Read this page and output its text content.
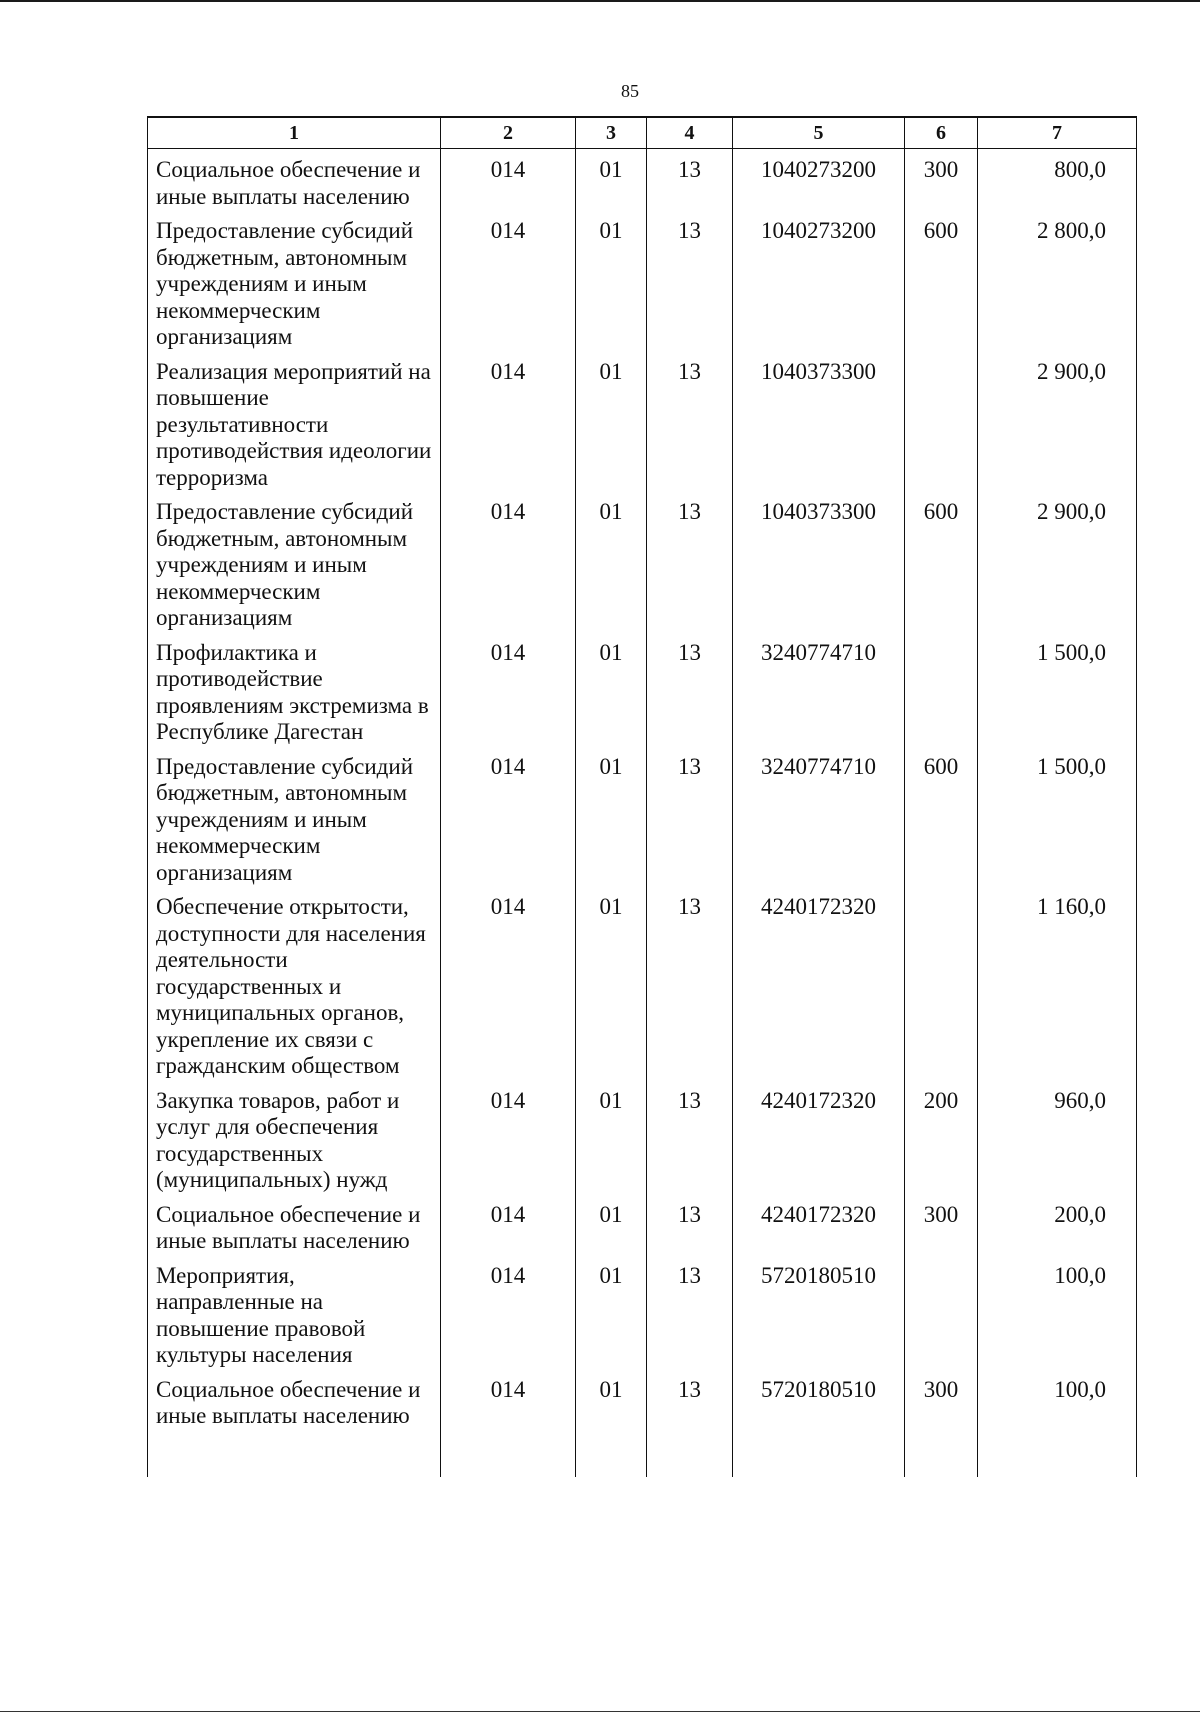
85
1	2	3	4	5	6	7
Социальное обеспечение и иные выплаты населению	014	01	13	1040273200	300	800,0
Предоставление субсидий бюджетным, автономным учреждениям и иным некоммерческим организациям	014	01	13	1040273200	600	2 800,0
Реализация мероприятий на повышение результативности противодействия идеологии терроризма	014	01	13	1040373300		2 900,0
Предоставление субсидий бюджетным, автономным учреждениям и иным некоммерческим организациям	014	01	13	1040373300	600	2 900,0
Профилактика и противодействие проявлениям экстремизма в Республике Дагестан	014	01	13	3240774710		1 500,0
Предоставление субсидий бюджетным, автономным учреждениям и иным некоммерческим организациям	014	01	13	3240774710	600	1 500,0
Обеспечение открытости, доступности для населения деятельности государственных и муниципальных органов, укрепление их связи с гражданским обществом	014	01	13	4240172320		1 160,0
Закупка товаров, работ и услуг для обеспечения государственных (муниципальных) нужд	014	01	13	4240172320	200	960,0
Социальное обеспечение и иные выплаты населению	014	01	13	4240172320	300	200,0
Мероприятия, направленные на повышение правовой культуры населения	014	01	13	5720180510		100,0
Социальное обеспечение и иные выплаты населению	014	01	13	5720180510	300	100,0
